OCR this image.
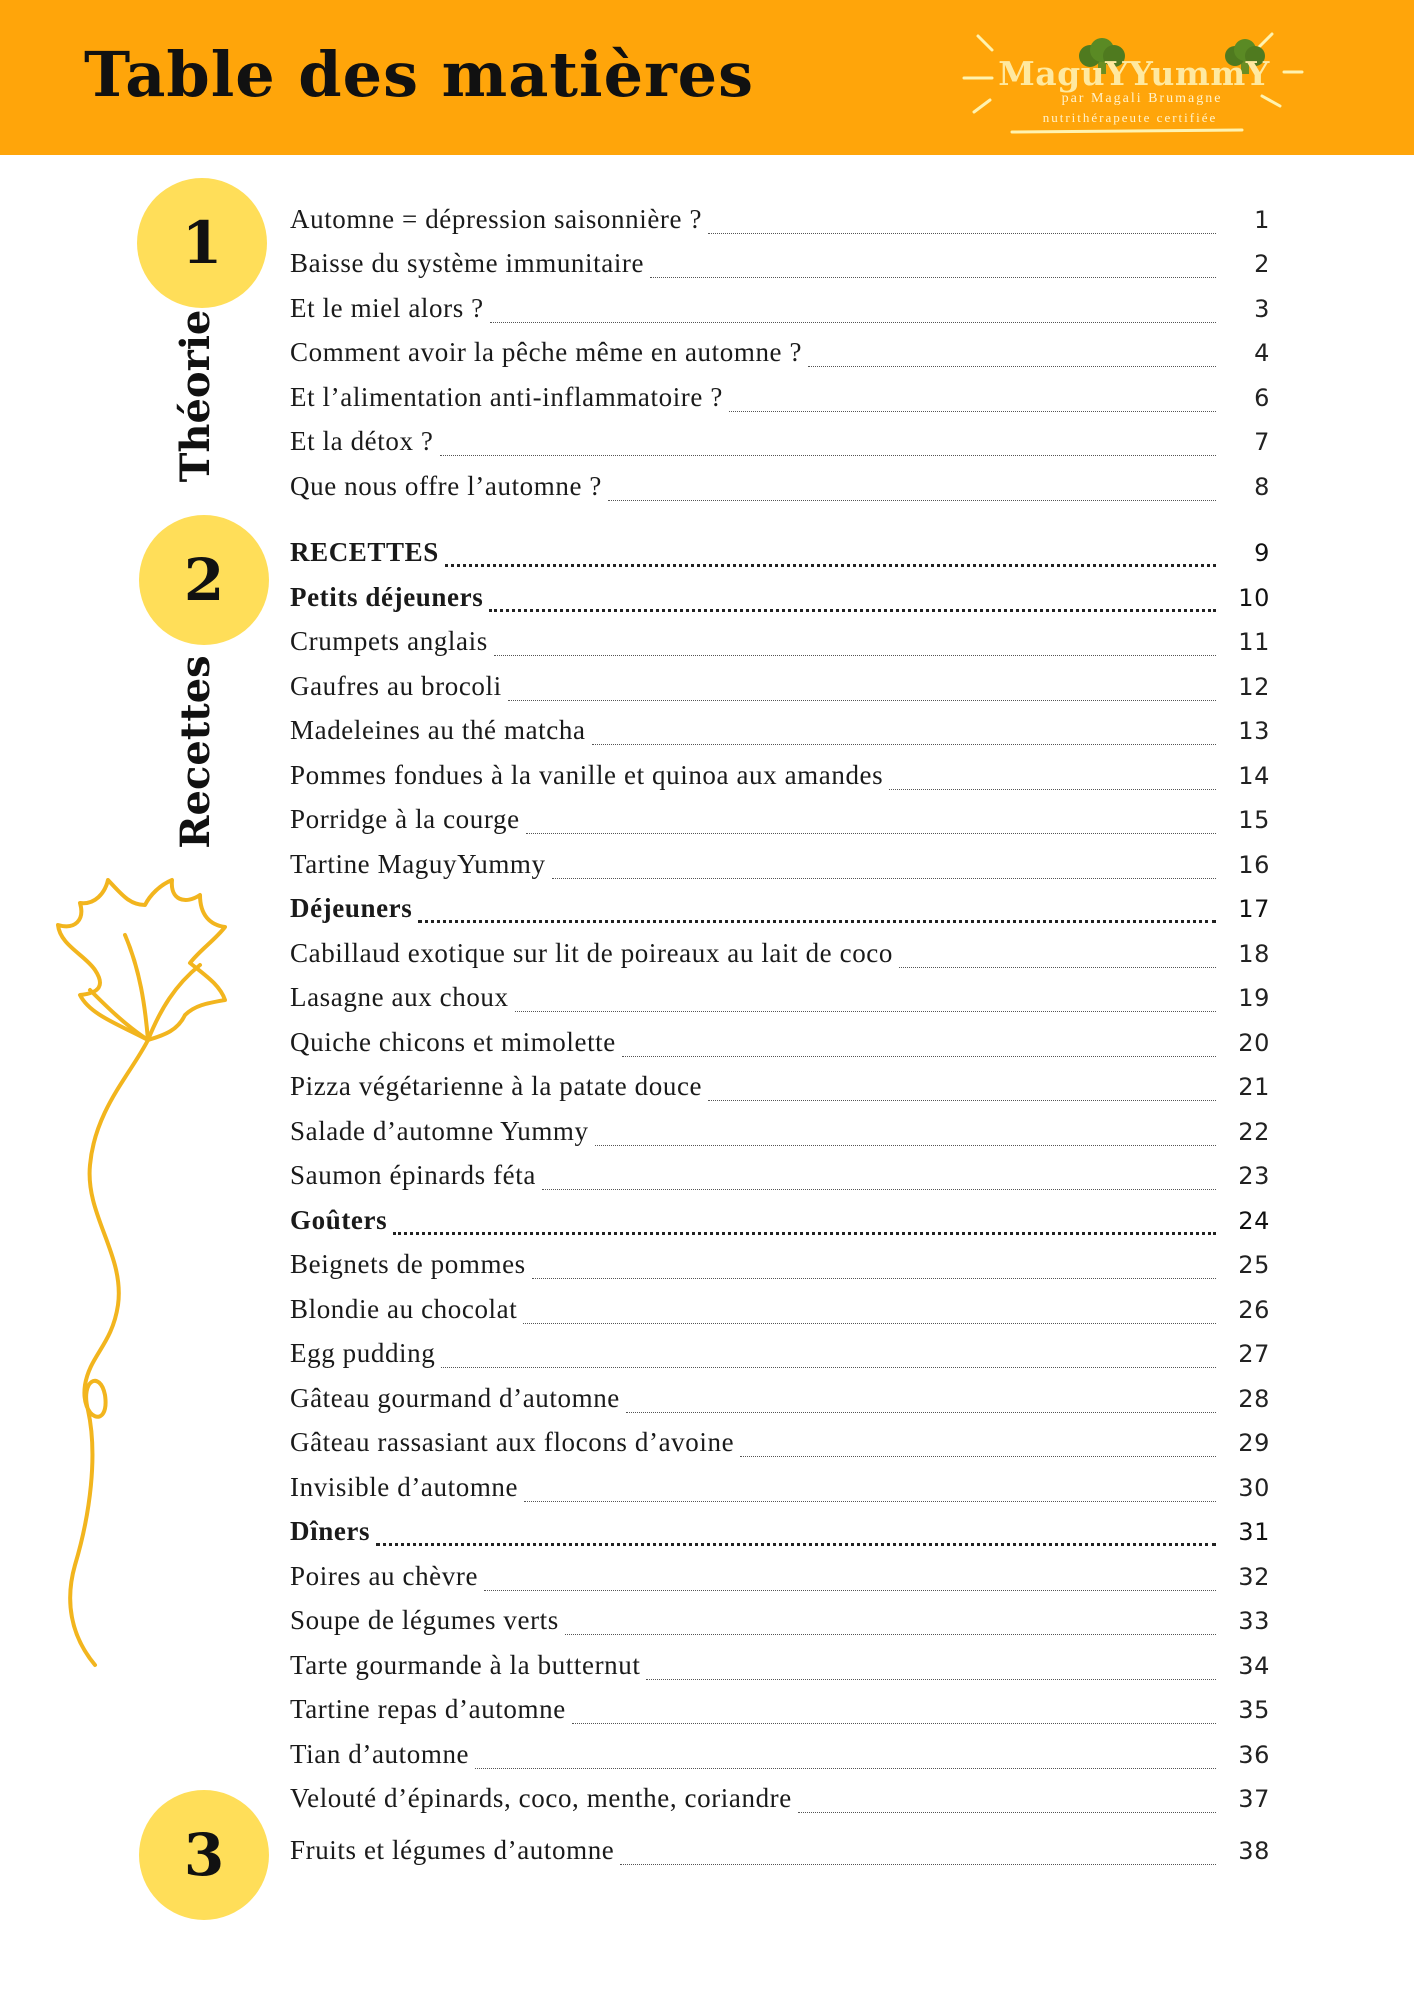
Table des matières	MaguYYummY
par Magali Brumagne
nutrithérapeute certifiée
1
Théorie
2
Recettes
3
Automne = dépression saisonnière ?	1
Baisse du système immunitaire	2
Et le miel alors ?	3
Comment avoir la pêche même en automne ?	4
Et l’alimentation anti-inflammatoire ?	6
Et la détox ?	7
Que nous offre l’automne ?	8
RECETTES	9
Petits déjeuners	10
Crumpets anglais	11
Gaufres au brocoli	12
Madeleines au thé matcha	13
Pommes fondues à la vanille et quinoa aux amandes	14
Porridge à la courge	15
Tartine MaguyYummy	16
Déjeuners	17
Cabillaud exotique sur lit de poireaux au lait de coco	18
Lasagne aux choux	19
Quiche chicons et mimolette	20
Pizza végétarienne à la patate douce	21
Salade d’automne Yummy	22
Saumon épinards féta	23
Goûters	24
Beignets de pommes	25
Blondie au chocolat	26
Egg pudding	27
Gâteau gourmand d’automne	28
Gâteau rassasiant aux flocons d’avoine	29
Invisible d’automne	30
Dîners	31
Poires au chèvre	32
Soupe de légumes verts	33
Tarte gourmande à la butternut	34
Tartine repas d’automne	35
Tian d’automne	36
Velouté d’épinards, coco, menthe, coriandre	37
Fruits et légumes d’automne	38
